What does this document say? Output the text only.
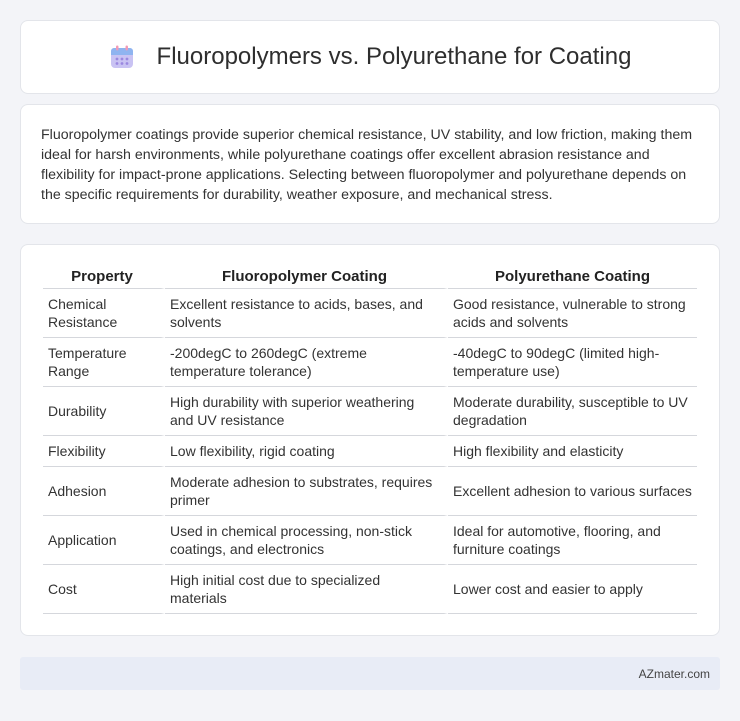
Fluoropolymers vs. Polyurethane for Coating

Fluoropolymer coatings provide superior chemical resistance, UV stability, and low friction, making them ideal for harsh environments, while polyurethane coatings offer excellent abrasion resistance and flexibility for impact-prone applications. Selecting between fluoropolymer and polyurethane depends on the specific requirements for durability, weather exposure, and mechanical stress.

Property	Fluoropolymer Coating	Polyurethane Coating
Chemical Resistance	Excellent resistance to acids, bases, and solvents	Good resistance, vulnerable to strong acids and solvents
Temperature Range	-200degC to 260degC (extreme temperature tolerance)	-40degC to 90degC (limited high-temperature use)
Durability	High durability with superior weathering and UV resistance	Moderate durability, susceptible to UV degradation
Flexibility	Low flexibility, rigid coating	High flexibility and elasticity
Adhesion	Moderate adhesion to substrates, requires primer	Excellent adhesion to various surfaces
Application	Used in chemical processing, non-stick coatings, and electronics	Ideal for automotive, flooring, and furniture coatings
Cost	High initial cost due to specialized materials	Lower cost and easier to apply
AZmater.com
